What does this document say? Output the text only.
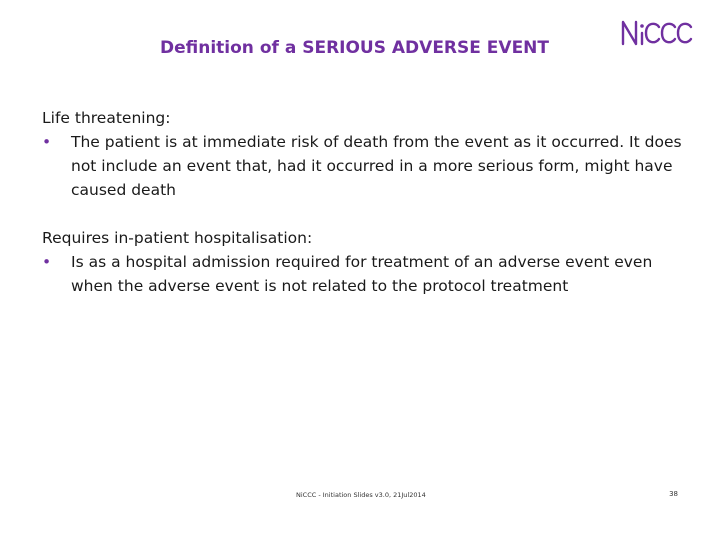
Definition of a SERIOUS ADVERSE EVENT
Life threatening:
• The patient is at immediate risk of death from the event as it occurred. It does not include an event that, had it occurred in a more serious form, might have caused death
Requires in-patient hospitalisation:
• Is as a hospital admission required for treatment of an adverse event even when the adverse event is not related to the protocol treatment
NiCCC - Initiation Slides v3.0, 21Jul2014	38
